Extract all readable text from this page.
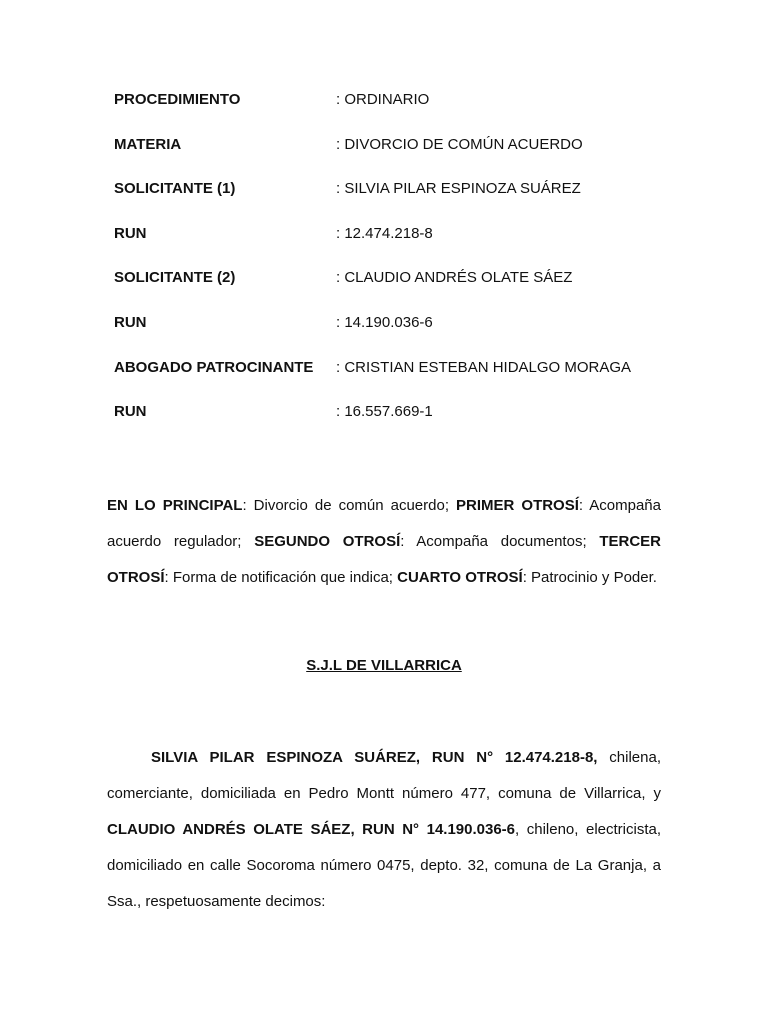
PROCEDIMIENTO	: ORDINARIO
MATERIA	: DIVORCIO DE COMÚN ACUERDO
SOLICITANTE (1)	: SILVIA PILAR ESPINOZA SUÁREZ
RUN	: 12.474.218-8
SOLICITANTE (2)	: CLAUDIO ANDRÉS OLATE SÁEZ
RUN	: 14.190.036-6
ABOGADO PATROCINANTE	: CRISTIAN ESTEBAN HIDALGO MORAGA
RUN	: 16.557.669-1

EN LO PRINCIPAL: Divorcio de común acuerdo; PRIMER OTROSÍ: Acompaña acuerdo regulador; SEGUNDO OTROSÍ: Acompaña documentos; TERCER OTROSÍ: Forma de notificación que indica; CUARTO OTROSÍ: Patrocinio y Poder.

S.J.L DE VILLARRICA

SILVIA PILAR ESPINOZA SUÁREZ, RUN N° 12.474.218-8, chilena, comerciante, domiciliada en Pedro Montt número 477, comuna de Villarrica, y CLAUDIO ANDRÉS OLATE SÁEZ, RUN N° 14.190.036-6, chileno, electricista, domiciliado en calle Socoroma número 0475, depto. 32, comuna de La Granja, a Ssa., respetuosamente decimos:
